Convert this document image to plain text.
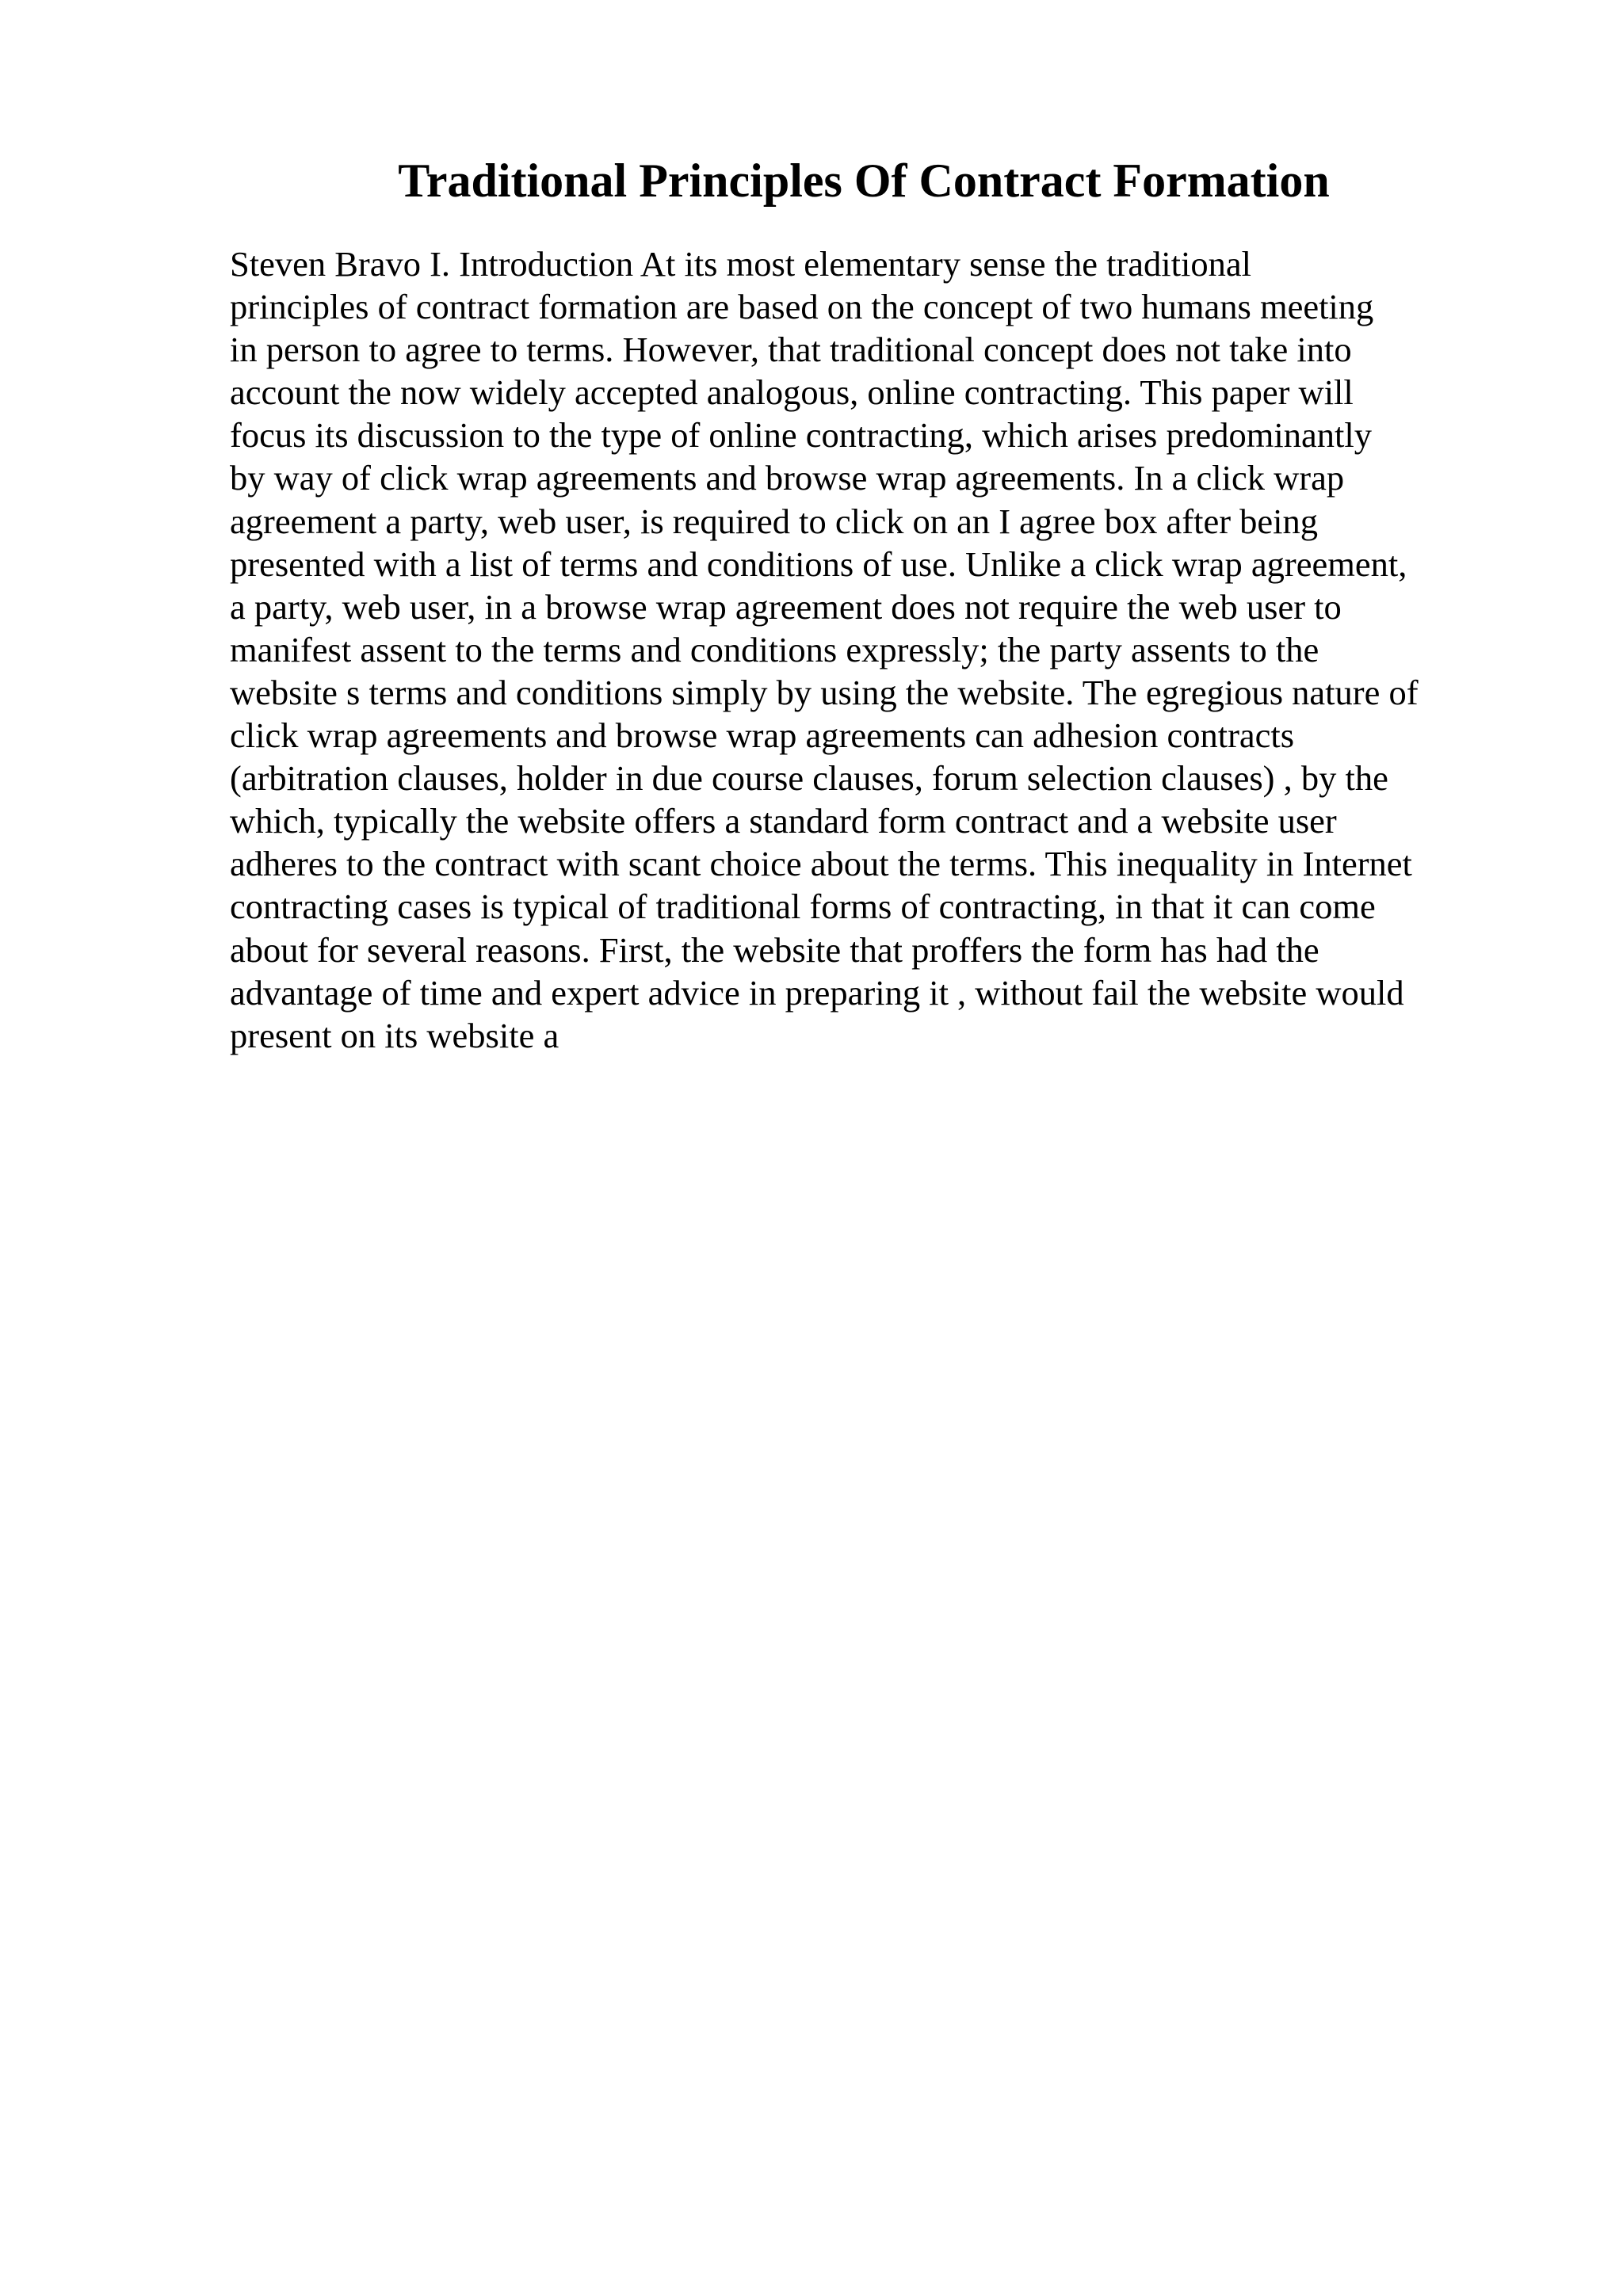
Traditional Principles Of Contract Formation
Steven Bravo I. Introduction At its most elementary sense the traditional
principles of contract formation are based on the concept of two humans meeting
in person to agree to terms. However, that traditional concept does not take into
account the now widely accepted analogous, online contracting. This paper will
focus its discussion to the type of online contracting, which arises predominantly
by way of click wrap agreements and browse wrap agreements. In a click wrap
agreement a party, web user, is required to click on an I agree box after being
presented with a list of terms and conditions of use. Unlike a click wrap agreement,
a party, web user, in a browse wrap agreement does not require the web user to
manifest assent to the terms and conditions expressly; the party assents to the
website s terms and conditions simply by using the website. The egregious nature of
click wrap agreements and browse wrap agreements can adhesion contracts
(arbitration clauses, holder in due course clauses, forum selection clauses) , by the
which, typically the website offers a standard form contract and a website user
adheres to the contract with scant choice about the terms. This inequality in Internet
contracting cases is typical of traditional forms of contracting, in that it can come
about for several reasons. First, the website that proffers the form has had the
advantage of time and expert advice in preparing it , without fail the website would
present on its website a
